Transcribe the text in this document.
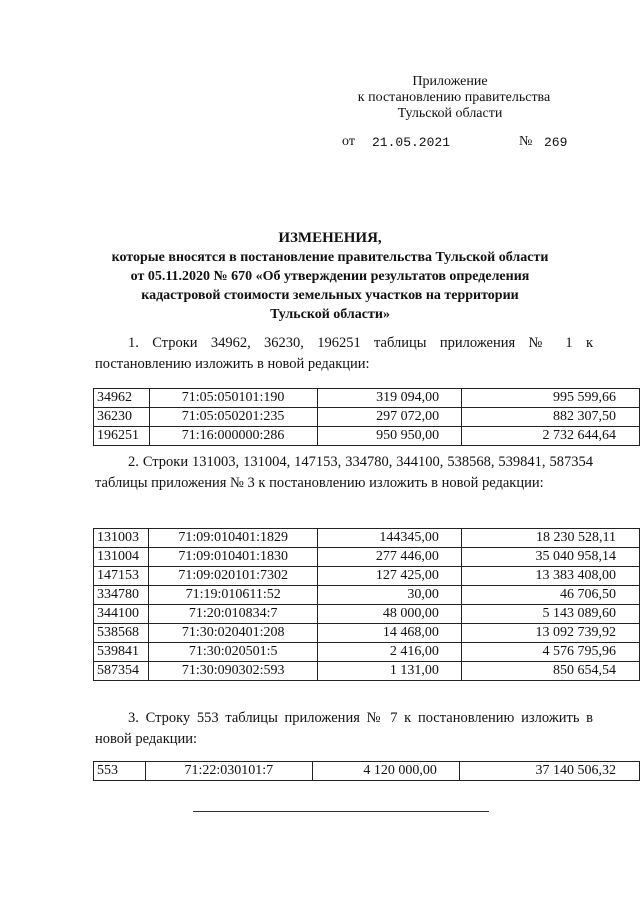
Приложение
к постановлению правительства
Тульской области
от 21.05.2021	№ 269
ИЗМЕНЕНИЯ,
которые вносятся в постановление правительства Тульской области
от 05.11.2020 № 670 «Об утверждении результатов определения
кадастровой стоимости земельных участков на территории
Тульской области»
1. Строки 34962, 36230, 196251 таблицы приложения № 1 к постановлению изложить в новой редакции:
34962	71:05:050101:190	319 094,00	995 599,66
36230	71:05:050201:235	297 072,00	882 307,50
196251	71:16:000000:286	950 950,00	2 732 644,64
2. Строки 131003, 131004, 147153, 334780, 344100, 538568, 539841, 587354 таблицы приложения № 3 к постановлению изложить в новой редакции:
131003	71:09:010401:1829	144345,00	18 230 528,11
131004	71:09:010401:1830	277 446,00	35 040 958,14
147153	71:09:020101:7302	127 425,00	13 383 408,00
334780	71:19:010611:52	30,00	46 706,50
344100	71:20:010834:7	48 000,00	5 143 089,60
538568	71:30:020401:208	14 468,00	13 092 739,92
539841	71:30:020501:5	2 416,00	4 576 795,96
587354	71:30:090302:593	1 131,00	850 654,54
3. Строку 553 таблицы приложения № 7 к постановлению изложить в новой редакции:
553	71:22:030101:7	4 120 000,00	37 140 506,32
